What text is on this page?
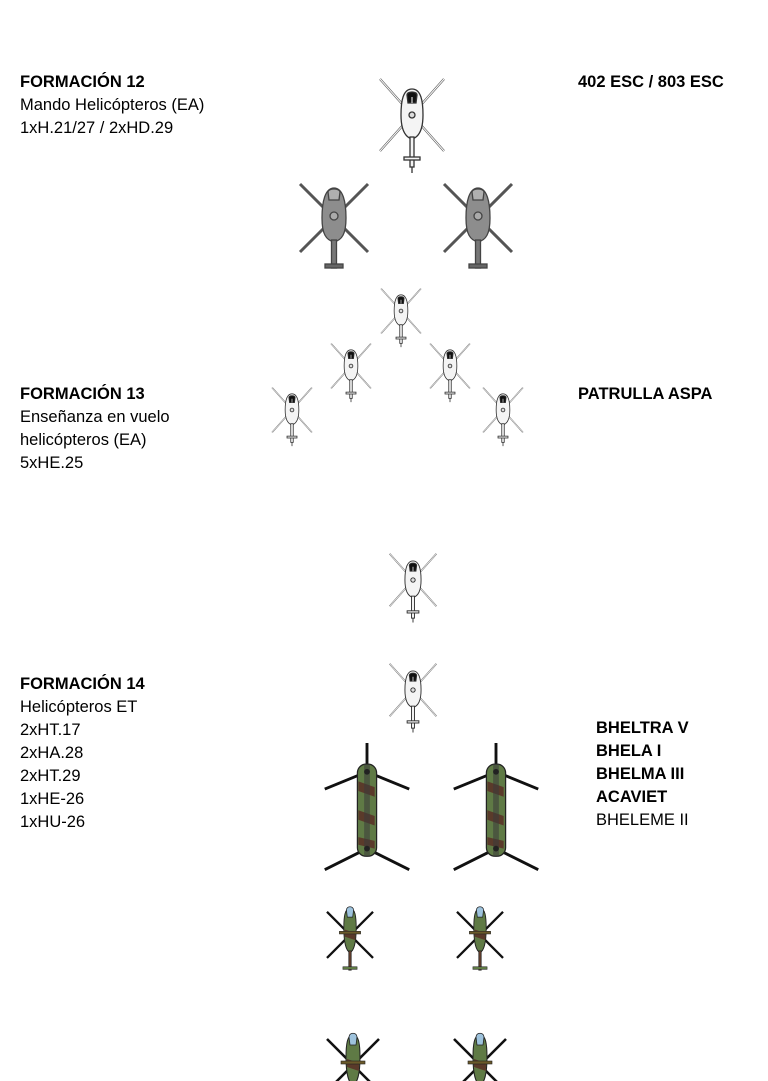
FORMACIÓN 12
Mando Helicópteros (EA)
1xH.21/27 / 2xHD.29
402 ESC / 803 ESC
FORMACIÓN 13
Enseñanza en vuelo
helicópteros (EA)
5xHE.25
PATRULLA ASPA
FORMACIÓN 14
Helicópteros ET
2xHT.17
2xHA.28
2xHT.29
1xHE-26
1xHU-26
BHELTRA V
BHELA I
BHELMA III
ACAVIET
BHELEME II
